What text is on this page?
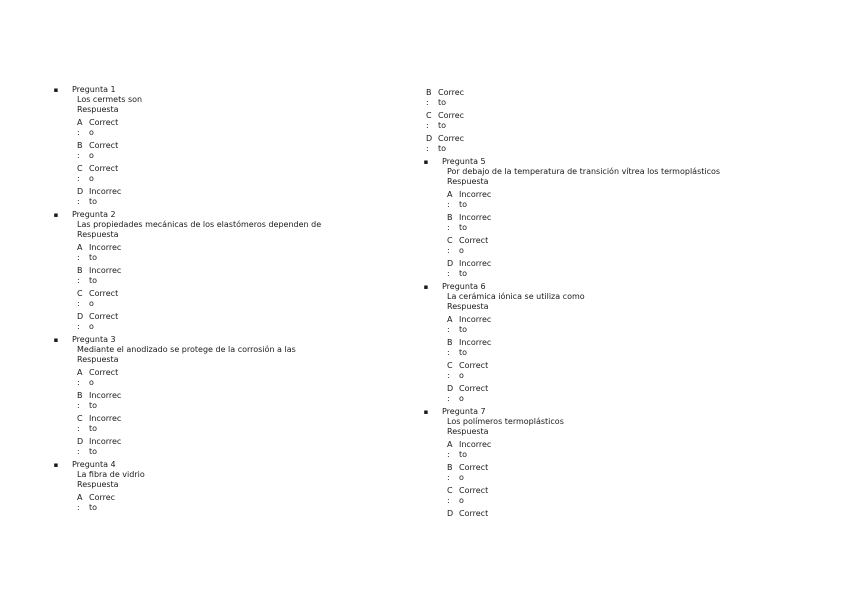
▪	Pregunta 1
Los cermets son
Respuesta
A Correct
: o
B Correct
: o
C Correct
: o
D Incorrec
: to
▪	Pregunta 2
Las propiedades mecánicas de los elastómeros dependen de
Respuesta
A Incorrec
: to
B Incorrec
: to
C Correct
: o
D Correct
: o
▪	Pregunta 3
Mediante el anodizado se protege de la corrosión a las
Respuesta
A Correct
: o
B Incorrec
: to
C Incorrec
: to
D Incorrec
: to
▪	Pregunta 4
La fibra de vidrio
Respuesta
A Correc
: to
B Correc
: to
C Correc
: to
D Correc
: to
▪	Pregunta 5
Por debajo de la temperatura de transición vítrea los termoplásticos
Respuesta
A Incorrec
: to
B Incorrec
: to
C Correct
: o
D Incorrec
: to
▪	Pregunta 6
La cerámica iónica se utiliza como
Respuesta
A Incorrec
: to
B Incorrec
: to
C Correct
: o
D Correct
: o
▪	Pregunta 7
Los polímeros termoplásticos
Respuesta
A Incorrec
: to
B Correct
: o
C Correct
: o
D Correct
